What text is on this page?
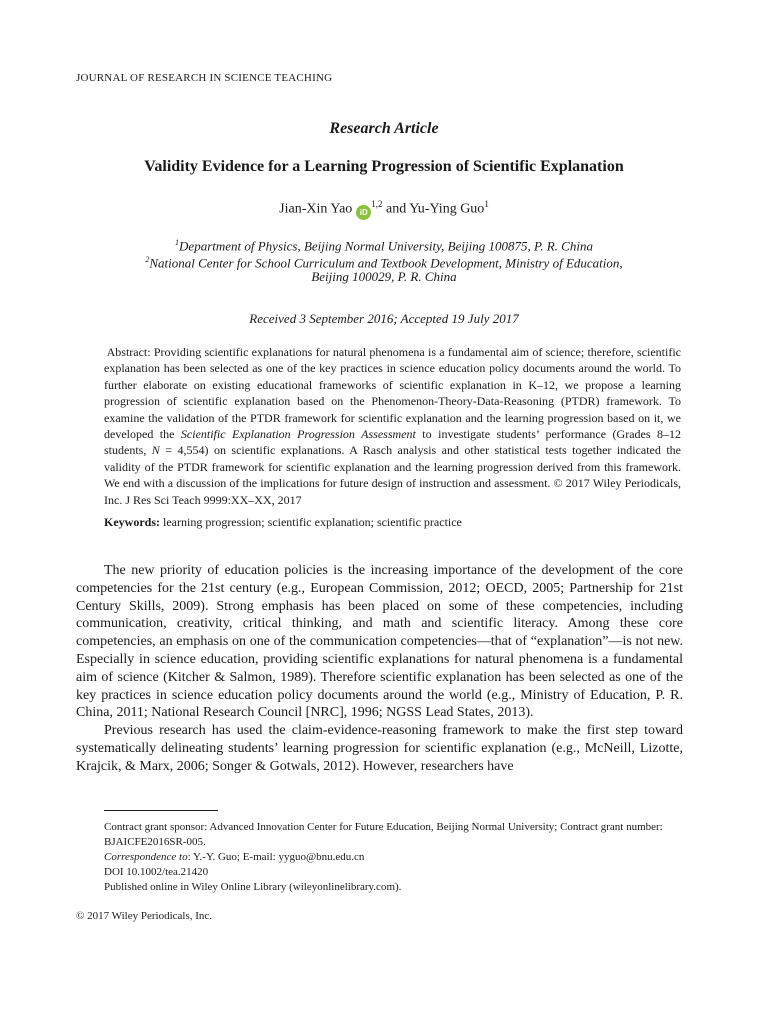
JOURNAL OF RESEARCH IN SCIENCE TEACHING
Research Article
Validity Evidence for a Learning Progression of Scientific Explanation
Jian-Xin Yao iD$^{1,2}$ and Yu-Ying Guo$^1$
$^1$Department of Physics, Beijing Normal University, Beijing 100875, P. R. China
$^2$National Center for School Curriculum and Textbook Development, Ministry of Education,
Beijing 100029, P. R. China
Received 3 September 2016; Accepted 19 July 2017
Abstract: Providing scientific explanations for natural phenomena is a fundamental aim of science; therefore, scientific explanation has been selected as one of the key practices in science education policy documents around the world. To further elaborate on existing educational frameworks of scientific explanation in K–12, we propose a learning progression of scientific explanation based on the Phenomenon-Theory-Data-Reasoning (PTDR) framework. To examine the validation of the PTDR framework for scientific explanation and the learning progression based on it, we developed the Scientific Explanation Progression Assessment to investigate students’ performance (Grades 8–12 students, N = 4,554) on scientific explanations. A Rasch analysis and other statistical tests together indicated the validity of the PTDR framework for scientific explanation and the learning progression derived from this framework. We end with a discussion of the implications for future design of instruction and assessment. © 2017 Wiley Periodicals, Inc. J Res Sci Teach 9999:XX–XX, 2017
Keywords: learning progression; scientific explanation; scientific practice

The new priority of education policies is the increasing importance of the development of the core competencies for the 21st century (e.g., European Commission, 2012; OECD, 2005; Partnership for 21st Century Skills, 2009). Strong emphasis has been placed on some of these competencies, including communication, creativity, critical thinking, and math and scientific literacy. Among these core competencies, an emphasis on one of the communication competencies—that of “explanation”—is not new. Especially in science education, providing scientific explanations for natural phenomena is a fundamental aim of science (Kitcher & Salmon, 1989). Therefore scientific explanation has been selected as one of the key practices in science education policy documents around the world (e.g., Ministry of Education, P. R. China, 2011; National Research Council [NRC], 1996; NGSS Lead States, 2013).

Previous research has used the claim-evidence-reasoning framework to make the first step toward systematically delineating students’ learning progression for scientific explanation (e.g., McNeill, Lizotte, Krajcik, & Marx, 2006; Songer & Gotwals, 2012). However, researchers have

Contract grant sponsor: Advanced Innovation Center for Future Education, Beijing Normal University; Contract grant number: BJAICFE2016SR-005.
Correspondence to: Y.-Y. Guo; E-mail: yyguo@bnu.edu.cn
DOI 10.1002/tea.21420
Published online in Wiley Online Library (wileyonlinelibrary.com).
© 2017 Wiley Periodicals, Inc.
